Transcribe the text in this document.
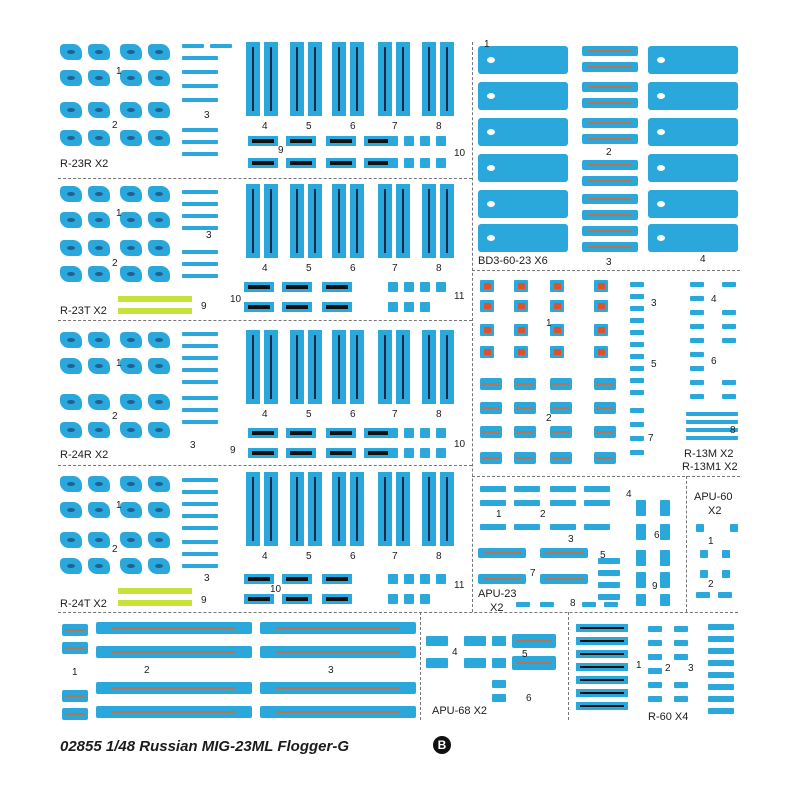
1
2
3
4	5	6	7	8
9	10
R-23R X2
1
2
3
4	5	6	7	8
9
10	11
R-23T X2
1
2
3
4	5	6	7	8
9
10
R-24R X2
1
2
3
4	5	6	7	8
9
10	11
R-24T X2
1
2
3	4
BD3-60-23 X6
1
2
3	4
5	6
7
8
R-13M X2
R-13M1 X2
1	2
3
4
5
6
7
8
9
APU-23
X2
APU-60
X2
1
2
1	2	3
4	5
6
APU-68 X2
1 2 3
R-60 X4
02855 1/48 Russian MIG-23ML Flogger-G	B
